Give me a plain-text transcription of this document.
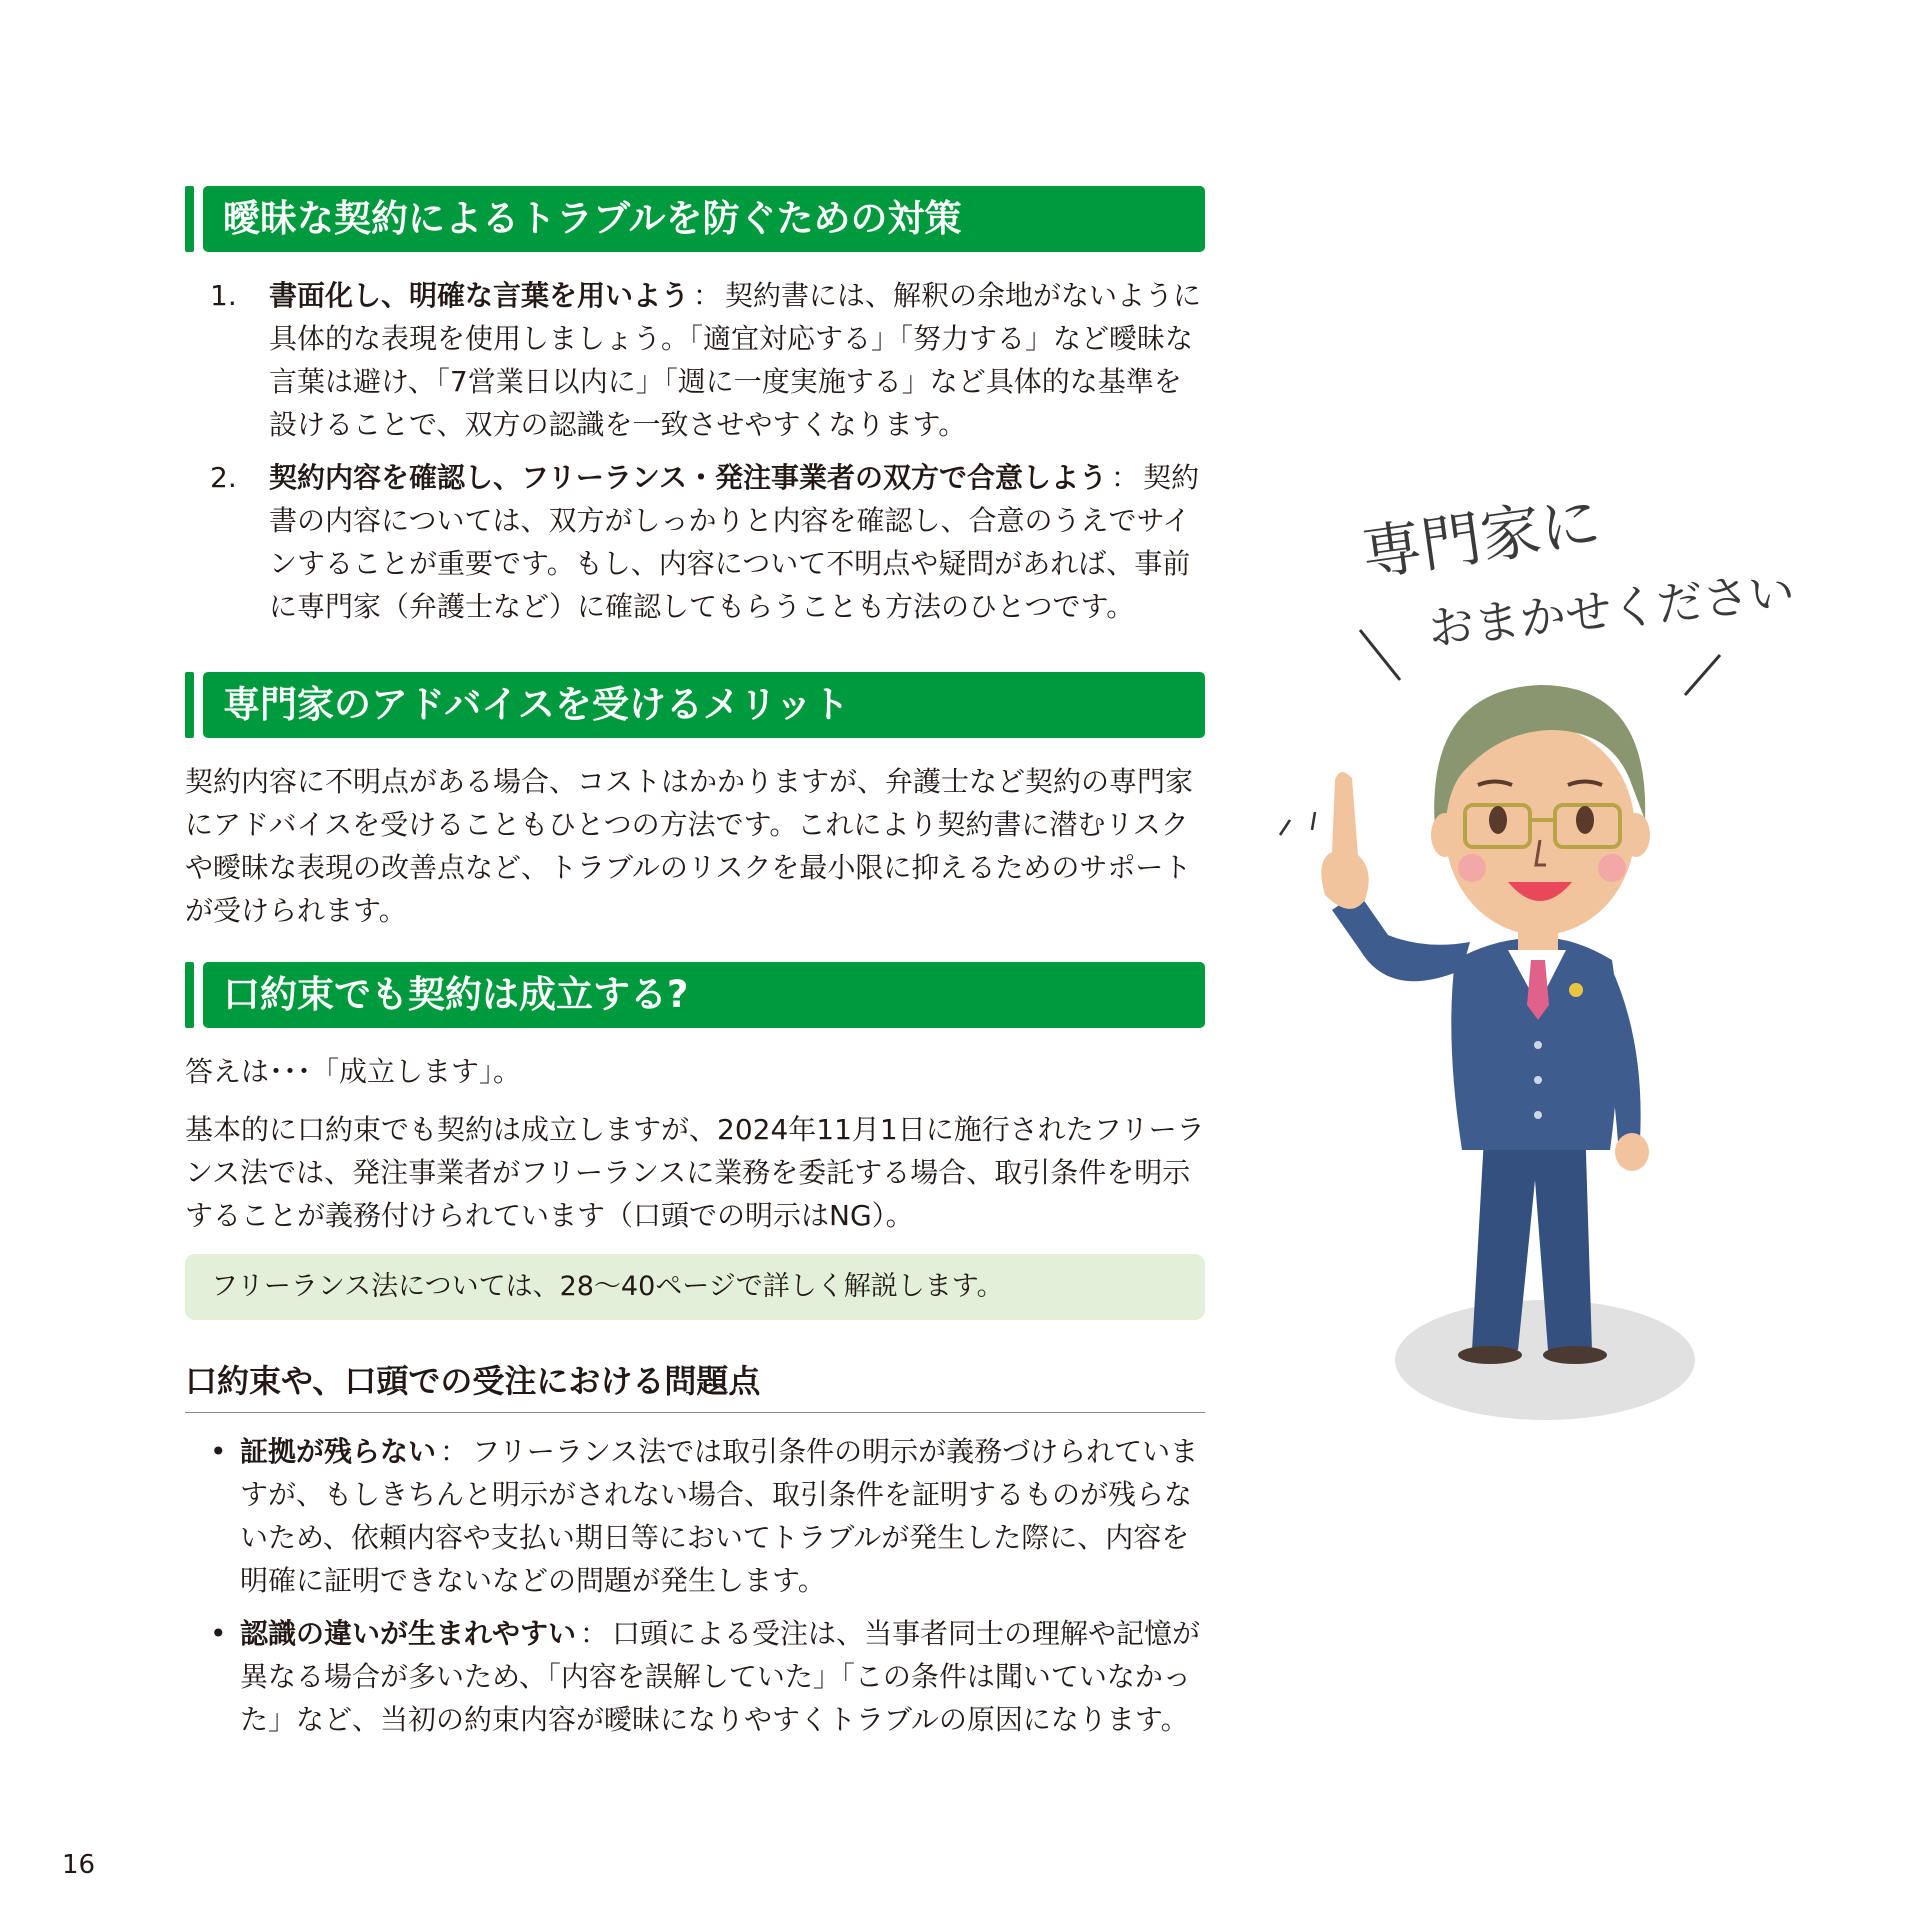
曖昧な契約によるトラブルを防ぐための対策
1.	書面化し、明確な言葉を用いよう ： 契約書には、解釈の余地がないように具体的な表現を使用しましょう。「適宜対応する」「努力する」など曖昧な言葉は避け、「7営業日以内に」「週に一度実施する」など具体的な基準を設けることで、双方の認識を一致させやすくなります。
2.	契約内容を確認し、フリーランス・発注事業者の双方で合意しよう ： 契約書の内容については、双方がしっかりと内容を確認し、合意のうえでサインすることが重要です。もし、内容について不明点や疑問があれば、事前に専門家（弁護士など）に確認してもらうことも方法のひとつです。
専門家のアドバイスを受けるメリット
契約内容に不明点がある場合、コストはかかりますが、弁護士など契約の専門家にアドバイスを受けることもひとつの方法です。これにより契約書に潜むリスクや曖昧な表現の改善点など、トラブルのリスクを最小限に抑えるためのサポートが受けられます。
口約束でも契約は成立する?
答えは･･･「成立します」。
基本的に口約束でも契約は成立しますが、2024年11月1日に施行されたフリーランス法では、発注事業者がフリーランスに業務を委託する場合、取引条件を明示することが義務付けられています（口頭での明示はNG）。
フリーランス法については、28〜40ページで詳しく解説します。
口約束や、口頭での受注における問題点
• 証拠が残らない ： フリーランス法では取引条件の明示が義務づけられていますが、もしきちんと明示がされない場合、取引条件を証明するものが残らないため、依頼内容や支払い期日等においてトラブルが発生した際に、内容を明確に証明できないなどの問題が発生します。
• 認識の違いが生まれやすい ： 口頭による受注は、当事者同士の理解や記憶が異なる場合が多いため、「内容を誤解していた」「この条件は聞いていなかった」など、当初の約束内容が曖昧になりやすくトラブルの原因になります。
16
専門家に
おまかせください
